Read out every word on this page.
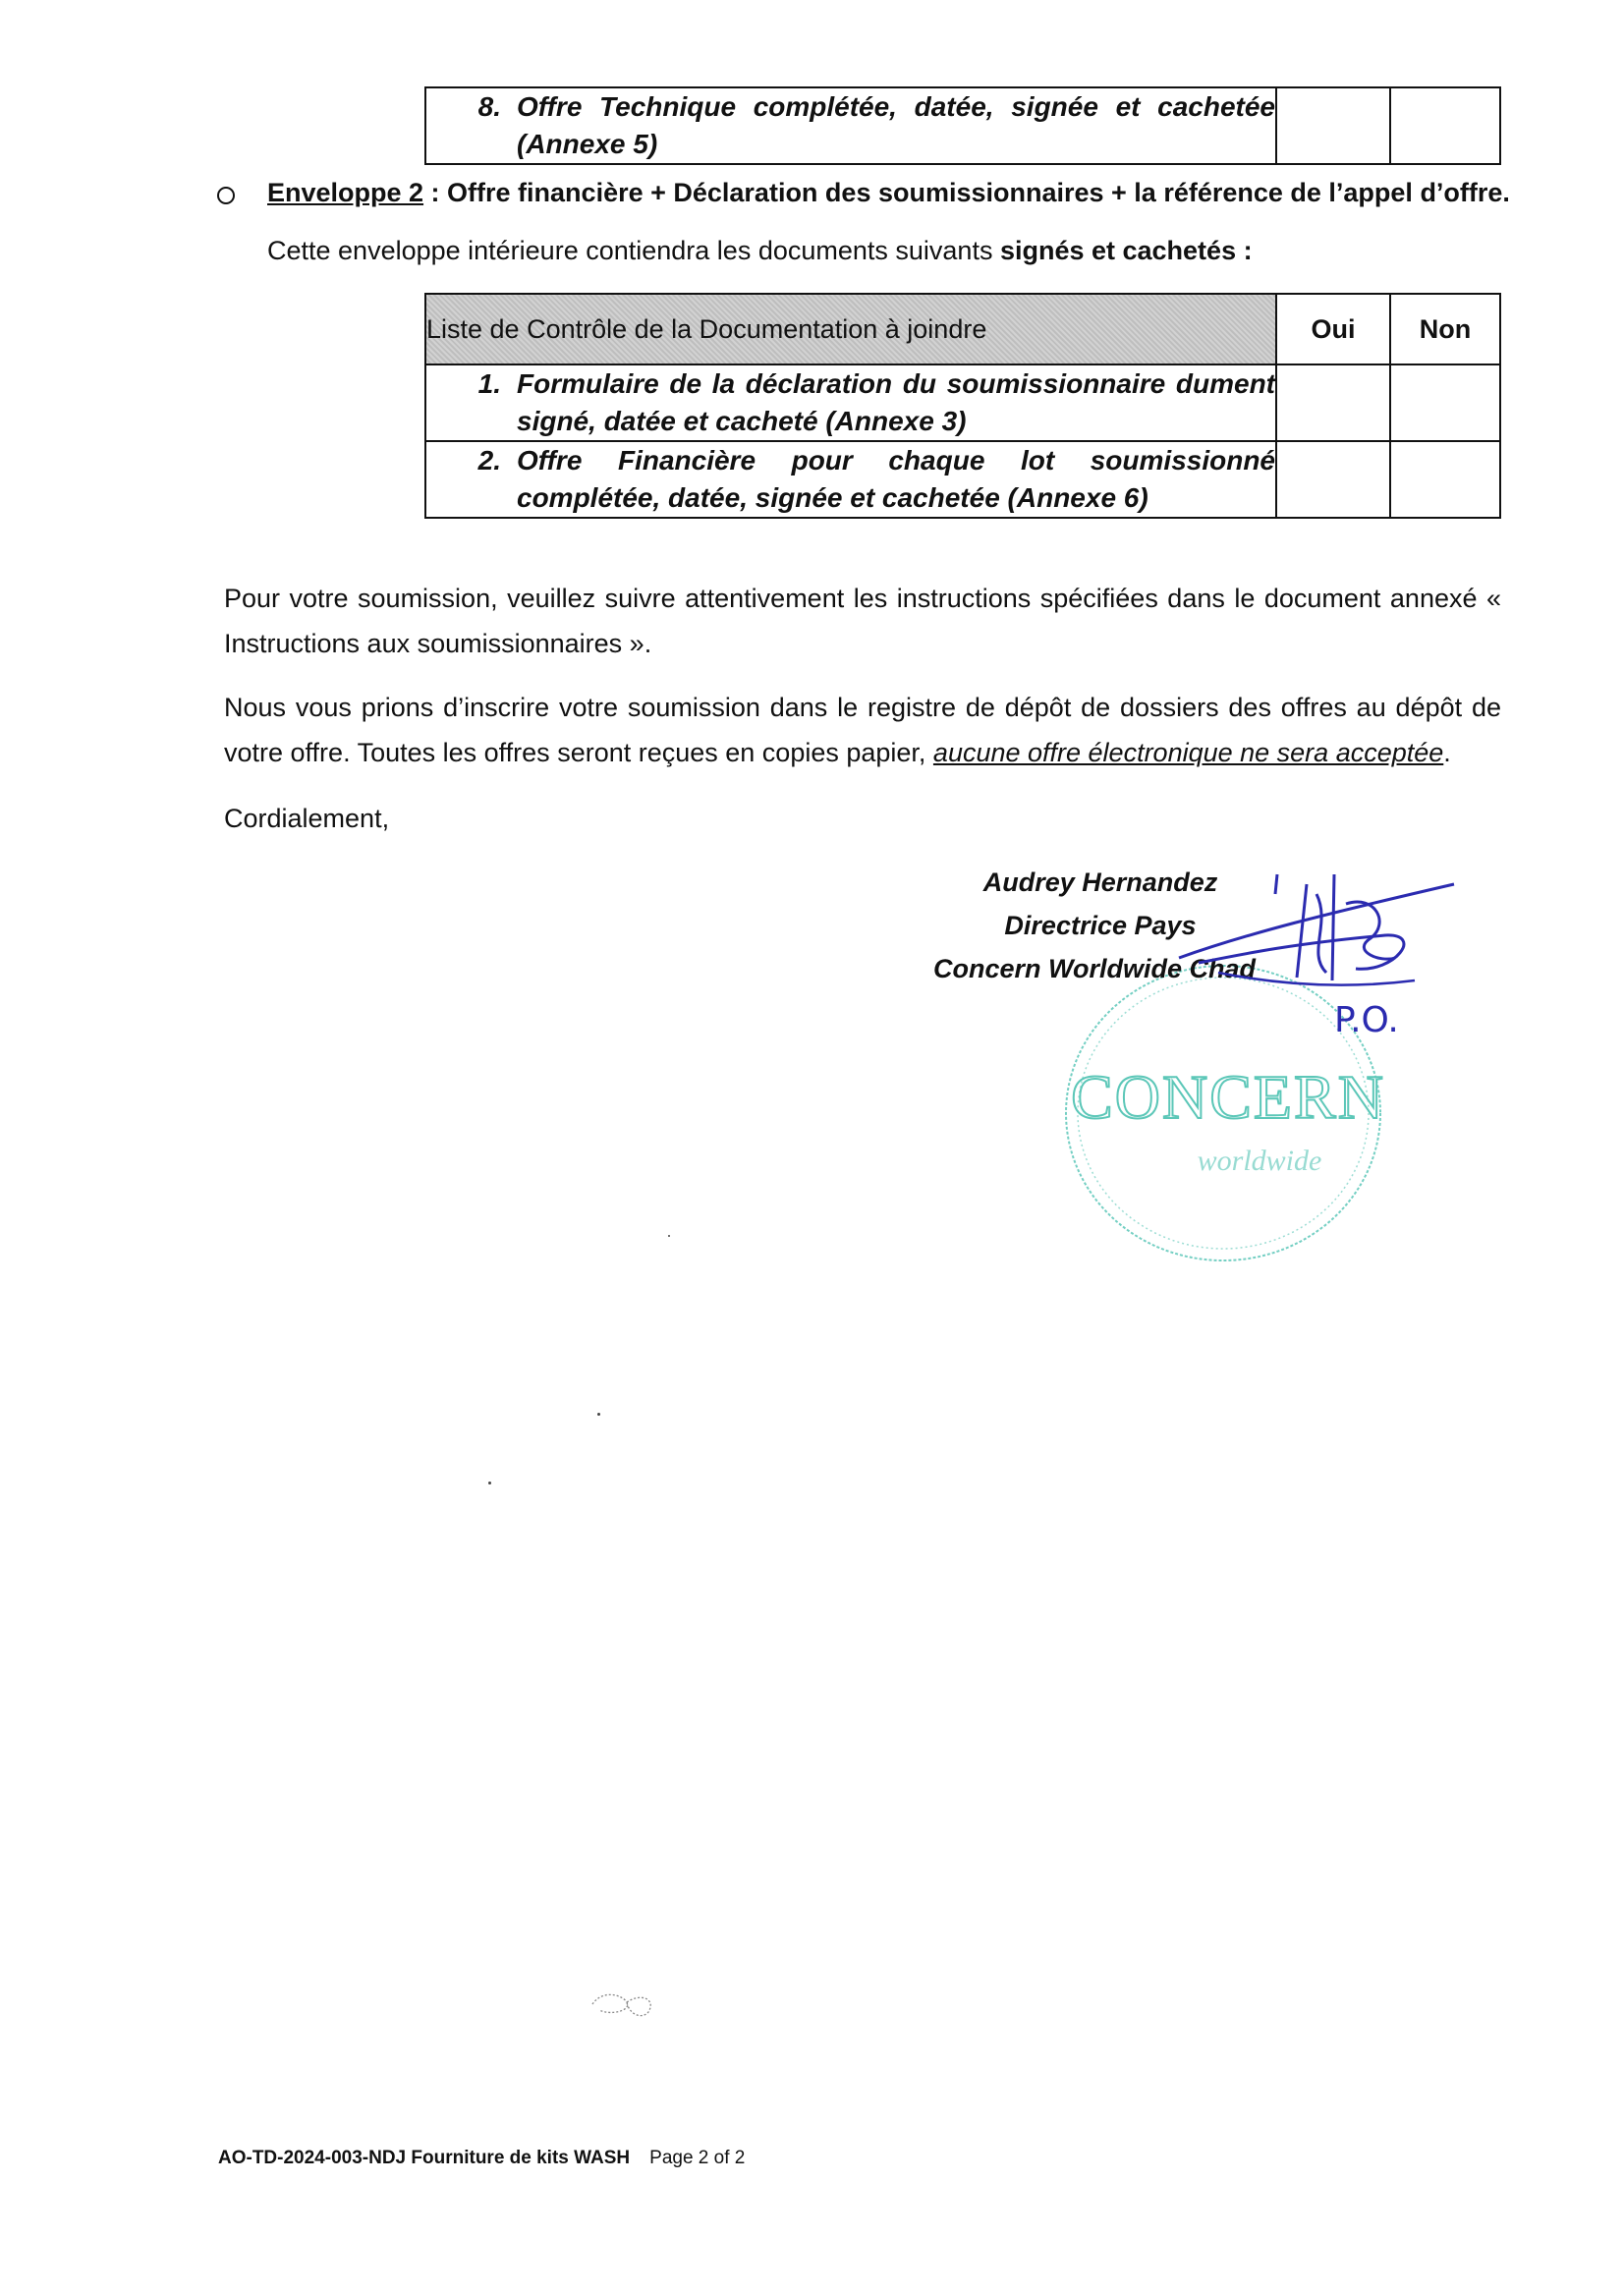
8. Offre Technique complétée, datée, signée et cachetée (Annexe 5)

Enveloppe 2 : Offre financière + Déclaration des soumissionnaires + la référence de l’appel d’offre.
Cette enveloppe intérieure contiendra les documents suivants signés et cachetés :
Liste de Contrôle de la Documentation à joindre	Oui	Non

1. Formulaire de la déclaration du soumissionnaire dument signé, datée et cacheté (Annexe 3)		

2. Offre Financière pour chaque lot soumissionné complétée, datée, signée et cachetée (Annexe 6)		

Pour votre soumission, veuillez suivre attentivement les instructions spécifiées dans le document annexé « Instructions aux soumissionnaires ».
Nous vous prions d’inscrire votre soumission dans le registre de dépôt de dossiers des offres au dépôt de votre offre. Toutes les offres seront reçues en copies papier, aucune offre électronique ne sera acceptée.
Cordialement,
CONCERN
worldwide
Audrey Hernandez
Directrice Pays
Concern Worldwide Chad
P.O.
AO-TD-2024-003-NDJ Fourniture de kits WASH Page 2 of 2
